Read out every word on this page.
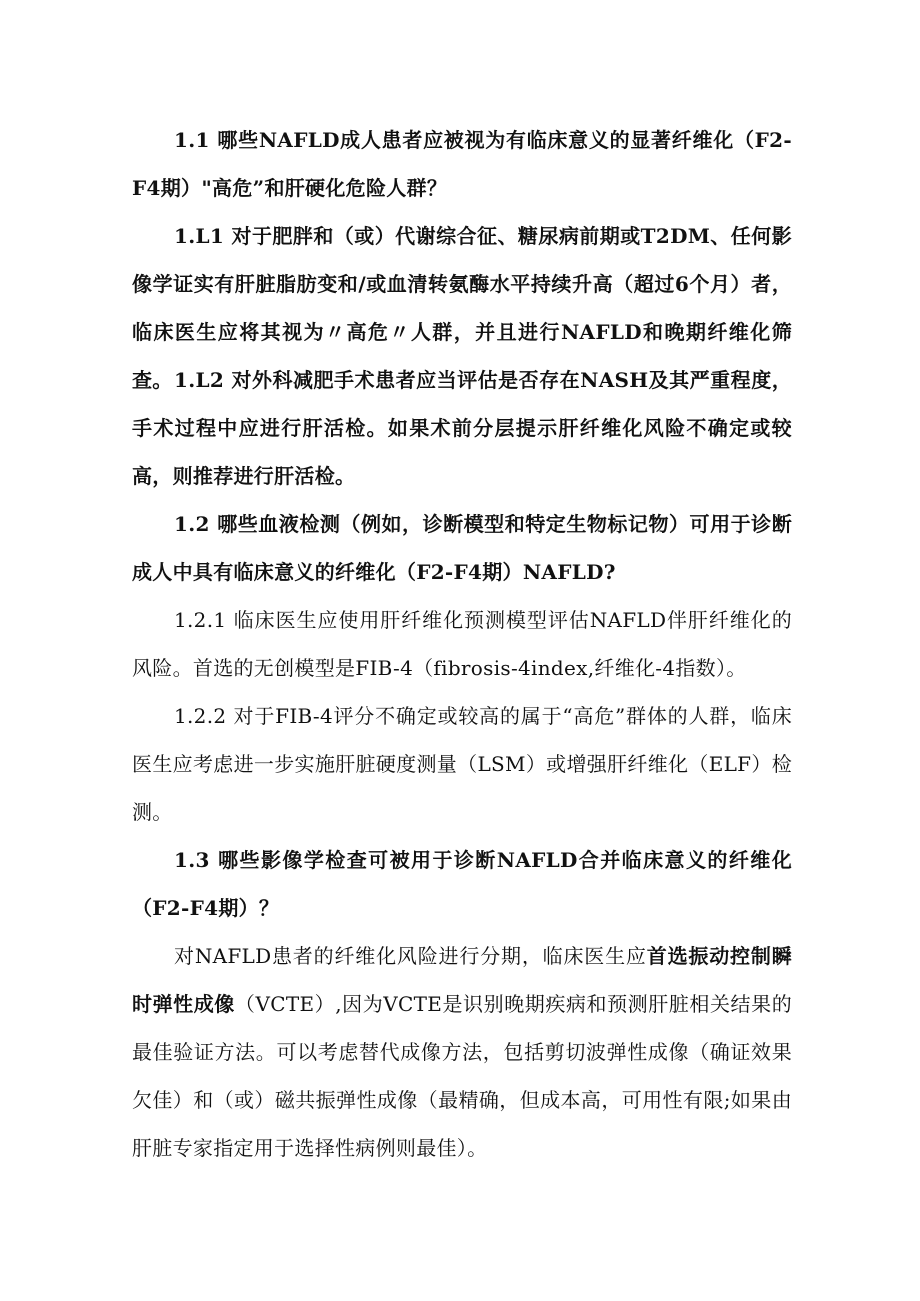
1.1 哪些NAFLD成人患者应被视为有临床意义的显著纤维化（F2-F4期）"高危”和肝硬化危险人群？

1.L1 对于肥胖和（或）代谢综合征、糖尿病前期或T2DM、任何影像学证实有肝脏脂肪变和/或血清转氨酶水平持续升高（超过6个月）者，临床医生应将其视为〃高危〃人群，并且进行NAFLD和晚期纤维化筛查。 1.L2 对外科减肥手术患者应当评估是否存在NASH及其严重程度，手术过程中应进行肝活检。如果术前分层提示肝纤维化风险不确定或较高，则推荐进行肝活检。

1.2 哪些血液检测（例如，诊断模型和特定生物标记物）可用于诊断成人中具有临床意义的纤维化（F2-F4期）NAFLD?

1.2.1 临床医生应使用肝纤维化预测模型评估NAFLD伴肝纤维化的风险。首选的无创模型是FIB-4（fibrosis-4index,纤维化-4指数）。

1.2.2 对于FIB-4评分不确定或较高的属于“高危”群体的人群，临床医生应考虑进一步实施肝脏硬度测量（LSM）或增强肝纤维化（ELF）检测。

1.3 哪些影像学检查可被用于诊断NAFLD合并临床意义的纤维化（F2-F4期）？

对NAFLD患者的纤维化风险进行分期，临床医生应首选振动控制瞬时弹性成像（VCTE）,因为VCTE是识别晚期疾病和预测肝脏相关结果的最佳验证方法。可以考虑替代成像方法，包括剪切波弹性成像（确证效果欠佳）和（或）磁共振弹性成像（最精确，但成本高，可用性有限;如果由肝脏专家指定用于选择性病例则最佳）。
